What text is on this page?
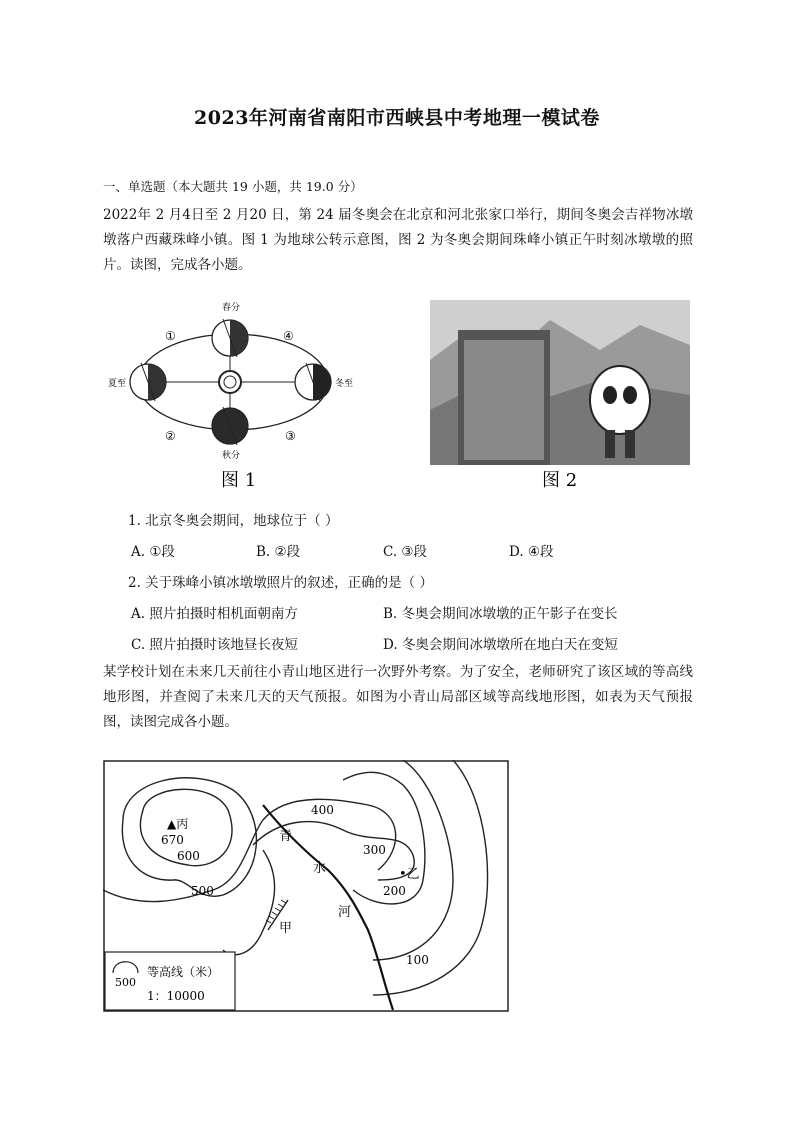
2023年河南省南阳市西峡县中考地理一模试卷
一、单选题（本大题共 19 小题，共 19.0 分）
2022年 2 月4日至 2 月20 日，第 24 届冬奥会在北京和河北张家口举行，期间冬奥会吉祥物冰墩墩落户西藏珠峰小镇。图 1 为地球公转示意图，图 2 为冬奥会期间珠峰小镇正午时刻冰墩墩的照片。读图，完成各小题。
春分
夏至
秋分
冬至
①
②	③
④
图 1	图 2
1. 北京冬奥会期间，地球位于（ ）
A. ①段	B. ②段	C. ③段	D. ④段
2. 关于珠峰小镇冰墩墩照片的叙述，正确的是（ ）
A. 照片拍摄时相机面朝南方	B. 冬奥会期间冰墩墩的正午影子在变长
C. 照片拍摄时该地昼长夜短	D. 冬奥会期间冰墩墩所在地白天在变短
某学校计划在未来几天前往小青山地区进行一次野外考察。为了安全，老师研究了该区域的等高线地形图，并查阅了未来几天的天气预报。如图为小青山局部区域等高线地形图，如表为天气预报图，读图完成各小题。
▲丙
670
600
500
400
300
200
100
青
水
河
甲
•乙
500
等高线（米）
1：10000
